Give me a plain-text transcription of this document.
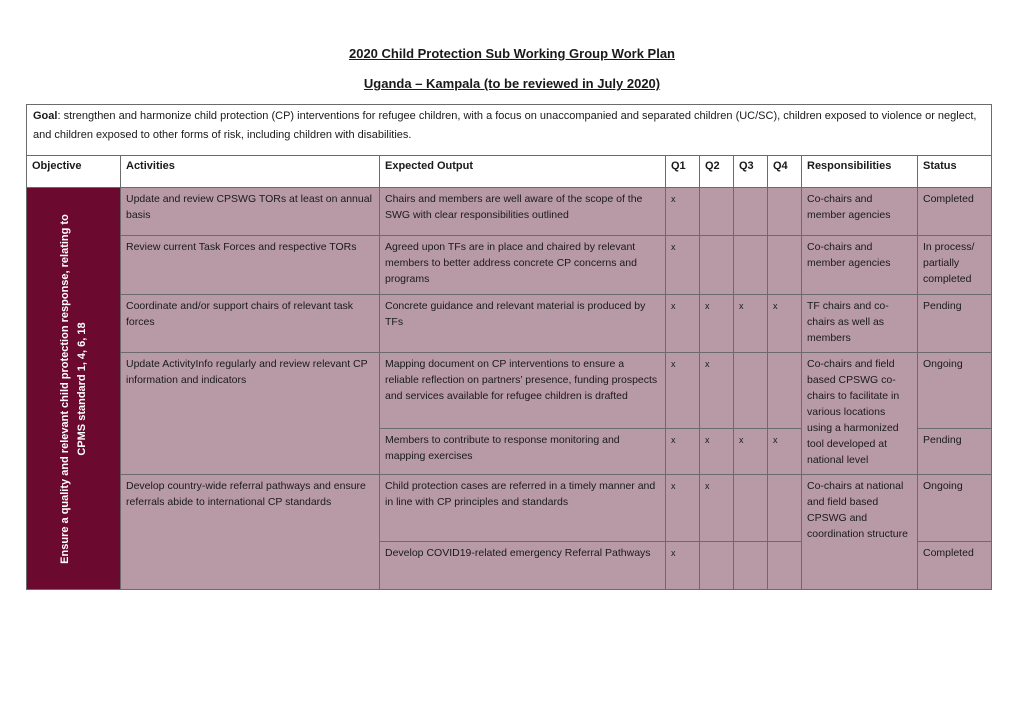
2020 Child Protection Sub Working Group Work Plan
Uganda – Kampala (to be reviewed in July 2020)
Goal: strengthen and harmonize child protection (CP) interventions for refugee children, with a focus on unaccompanied and separated children (UC/SC), children exposed to violence or neglect, and children exposed to other forms of risk, including children with disabilities.								
Objective	Activities	Expected Output	Q1	Q2	Q3	Q4	Responsibilities	Status

Ensure a quality and relevant child protection response, relating to CPMS standard 1, 4, 6, 18	Update and review CPSWG TORs at least on annual basis	Chairs and members are well aware of the scope of the SWG with clear responsibilities outlined	x				Co-chairs and member agencies	Completed
	Review current Task Forces and respective TORs	Agreed upon TFs are in place and chaired by relevant members to better address concrete CP concerns and programs	x				Co-chairs and member agencies	In process/ partially completed
	Coordinate and/or support chairs of relevant task forces	Concrete guidance and relevant material is produced by TFs	x	x	x	x	TF chairs and co-chairs as well as members	Pending
	Update ActivityInfo regularly and review relevant CP information and indicators	Mapping document on CP interventions to ensure a reliable reflection on partners’ presence, funding prospects and services available for refugee children is drafted	x	x			Co-chairs and field based CPSWG co-chairs to facilitate in various locations using a harmonized tool developed at national level	Ongoing
		Members to contribute to response monitoring and mapping exercises	x	x	x	x		Pending
	Develop country-wide referral pathways and ensure referrals abide to international CP standards	Child protection cases are referred in a timely manner and in line with CP principles and standards	x	x			Co-chairs at national and field based CPSWG and coordination structure	Ongoing
		Develop COVID19-related emergency Referral Pathways	x					Completed
